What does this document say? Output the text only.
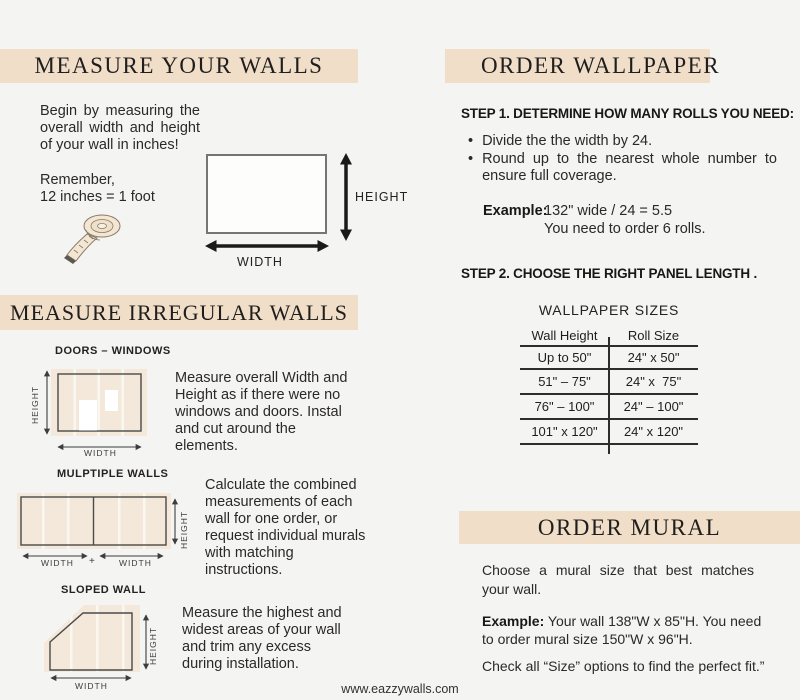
MEASURE YOUR WALLS
Begin by measuring the overall width and height of your wall in inches!
Remember,
12 inches = 1 foot	HEIGHT
WIDTH
MEASURE IRREGULAR WALLS
DOORS – WINDOWS
HEIGHT
WIDTH
Measure overall Width and Height as if there were no windows and doors. Instal and cut around the elements.
MULPTIPLE WALLS
HEIGHT
WIDTH +	WIDTH
Calculate the combined measurements of each wall for one order, or request individual murals with matching instructions.
SLOPED WALL
HEIGHT
WIDTH
Measure the highest and widest areas of your wall and trim any excess during installation.
ORDER WALLPAPER
STEP 1. DETERMINE HOW MANY ROLLS YOU NEED:
• Divide the the width by 24.
• Round up to the nearest whole number to ensure full coverage.
Example:
132" wide / 24 = 5.5
You need to order 6 rolls.
STEP 2. CHOOSE THE RIGHT PANEL LENGTH .
WALLPAPER SIZES
Wall Height	Roll Size
Up to 50"	24" x 50"
51" – 75"	24" x  75"
76" – 100"	24" – 100"
101" x 120"	24" x 120"
ORDER MURAL
Choose a mural size that best matches your wall.
Example: Your wall 138"W x 85"H. You need to order mural size 150"W x 96"H.
Check all “Size” options to find the perfect fit.”
www.eazzywalls.com
